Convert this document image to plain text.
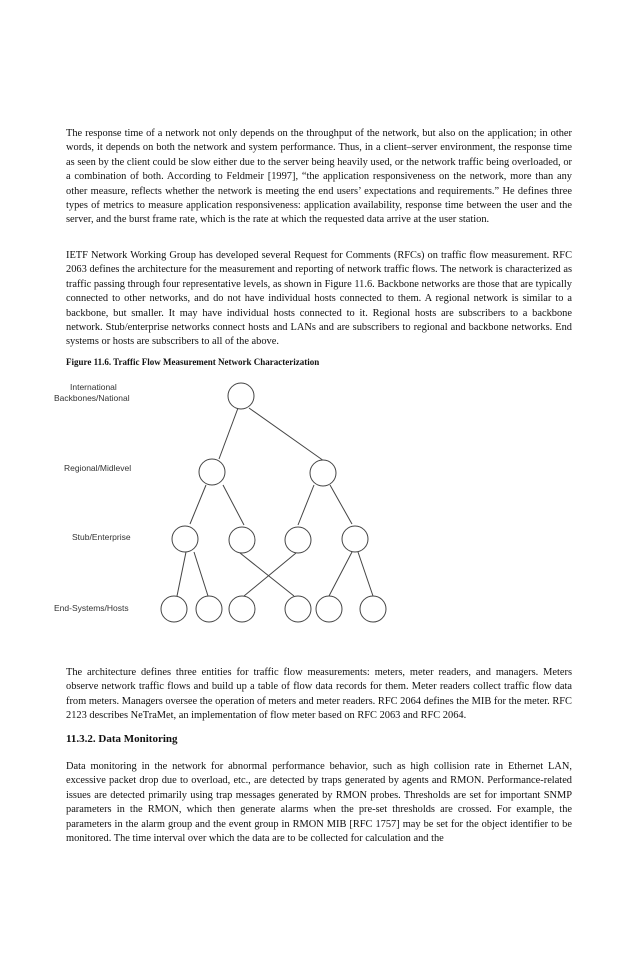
The response time of a network not only depends on the throughput of the network, but also on the application; in other words, it depends on both the network and system performance. Thus, in a client–server environment, the response time as seen by the client could be slow either due to the server being heavily used, or the network traffic being overloaded, or a combination of both. According to Feldmeir [1997], “the application responsiveness on the network, more than any other measure, reflects whether the network is meeting the end users’ expectations and requirements.” He defines three types of metrics to measure application responsiveness: application availability, response time between the user and the server, and the burst frame rate, which is the rate at which the requested data arrive at the user station.

IETF Network Working Group has developed several Request for Comments (RFCs) on traffic flow measurement. RFC 2063 defines the architecture for the measurement and reporting of network traffic flows. The network is characterized as traffic passing through four representative levels, as shown in Figure 11.6. Backbone networks are those that are typically connected to other networks, and do not have individual hosts connected to them. A regional network is similar to a backbone, but smaller. It may have individual hosts connected to it. Regional hosts are subscribers to a backbone network. Stub/enterprise networks connect hosts and LANs and are subscribers to regional and backbone networks. End systems or hosts are subscribers to all of the above.

Figure 11.6. Traffic Flow Measurement Network Characterization

International
Backbones/National
Regional/Midlevel
Stub/Enterprise
End-Systems/Hosts

The architecture defines three entities for traffic flow measurements: meters, meter readers, and managers. Meters observe network traffic flows and build up a table of flow data records for them. Meter readers collect traffic flow data from meters. Managers oversee the operation of meters and meter readers. RFC 2064 defines the MIB for the meter. RFC 2123 describes NeTraMet, an implementation of flow meter based on RFC 2063 and RFC 2064.

11.3.2. Data Monitoring

Data monitoring in the network for abnormal performance behavior, such as high collision rate in Ethernet LAN, excessive packet drop due to overload, etc., are detected by traps generated by agents and RMON. Performance-related issues are detected primarily using trap messages generated by RMON probes. Thresholds are set for important SNMP parameters in the RMON, which then generate alarms when the pre-set thresholds are crossed. For example, the parameters in the alarm group and the event group in RMON MIB [RFC 1757] may be set for the object identifier to be monitored. The time interval over which the data are to be collected for calculation and the
